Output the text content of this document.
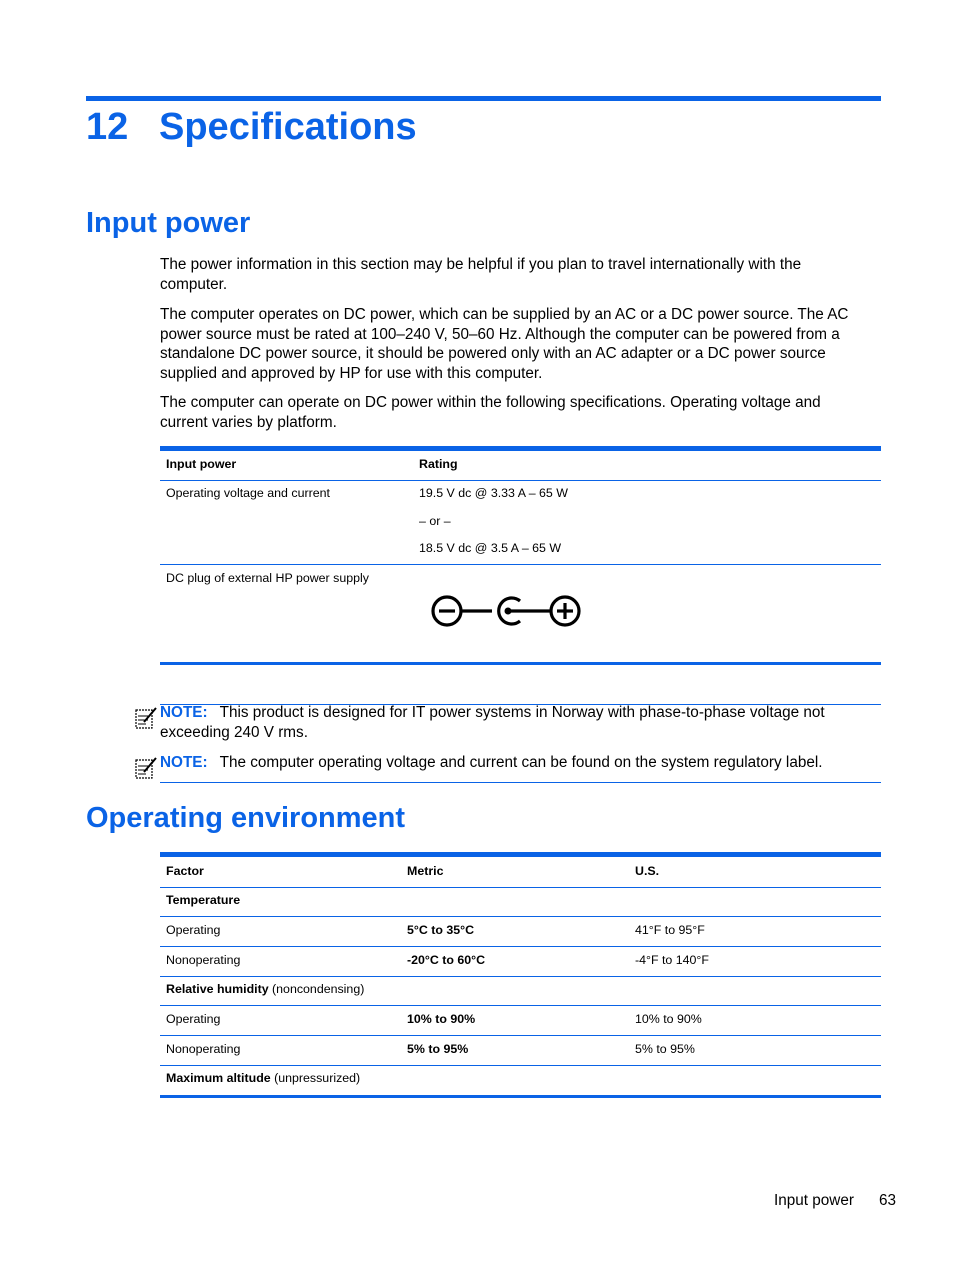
12 Specifications
Input power

The power information in this section may be helpful if you plan to travel internationally with the computer.

The computer operates on DC power, which can be supplied by an AC or a DC power source. The AC power source must be rated at 100–240 V, 50–60 Hz. Although the computer can be powered from a standalone DC power source, it should be powered only with an AC adapter or a DC power source supplied and approved by HP for use with this computer.

The computer can operate on DC power within the following specifications. Operating voltage and current varies by platform.

Input power	Rating
Operating voltage and current	19.5 V dc @ 3.33 A – 65 W
– or –
18.5 V dc @ 3.5 A – 65 W
DC plug of external HP power supply
NOTE: This product is designed for IT power systems in Norway with phase-to-phase voltage not exceeding 240 V rms.
NOTE: The computer operating voltage and current can be found on the system regulatory label.
Operating environment
Factor	Metric	U.S.
Temperature
Operating	5°C to 35°C	41°F to 95°F
Nonoperating	-20°C to 60°C	-4°F to 140°F
Relative humidity (noncondensing)
Operating	10% to 90%	10% to 90%
Nonoperating	5% to 95%	5% to 95%
Maximum altitude (unpressurized)
Input power 63
